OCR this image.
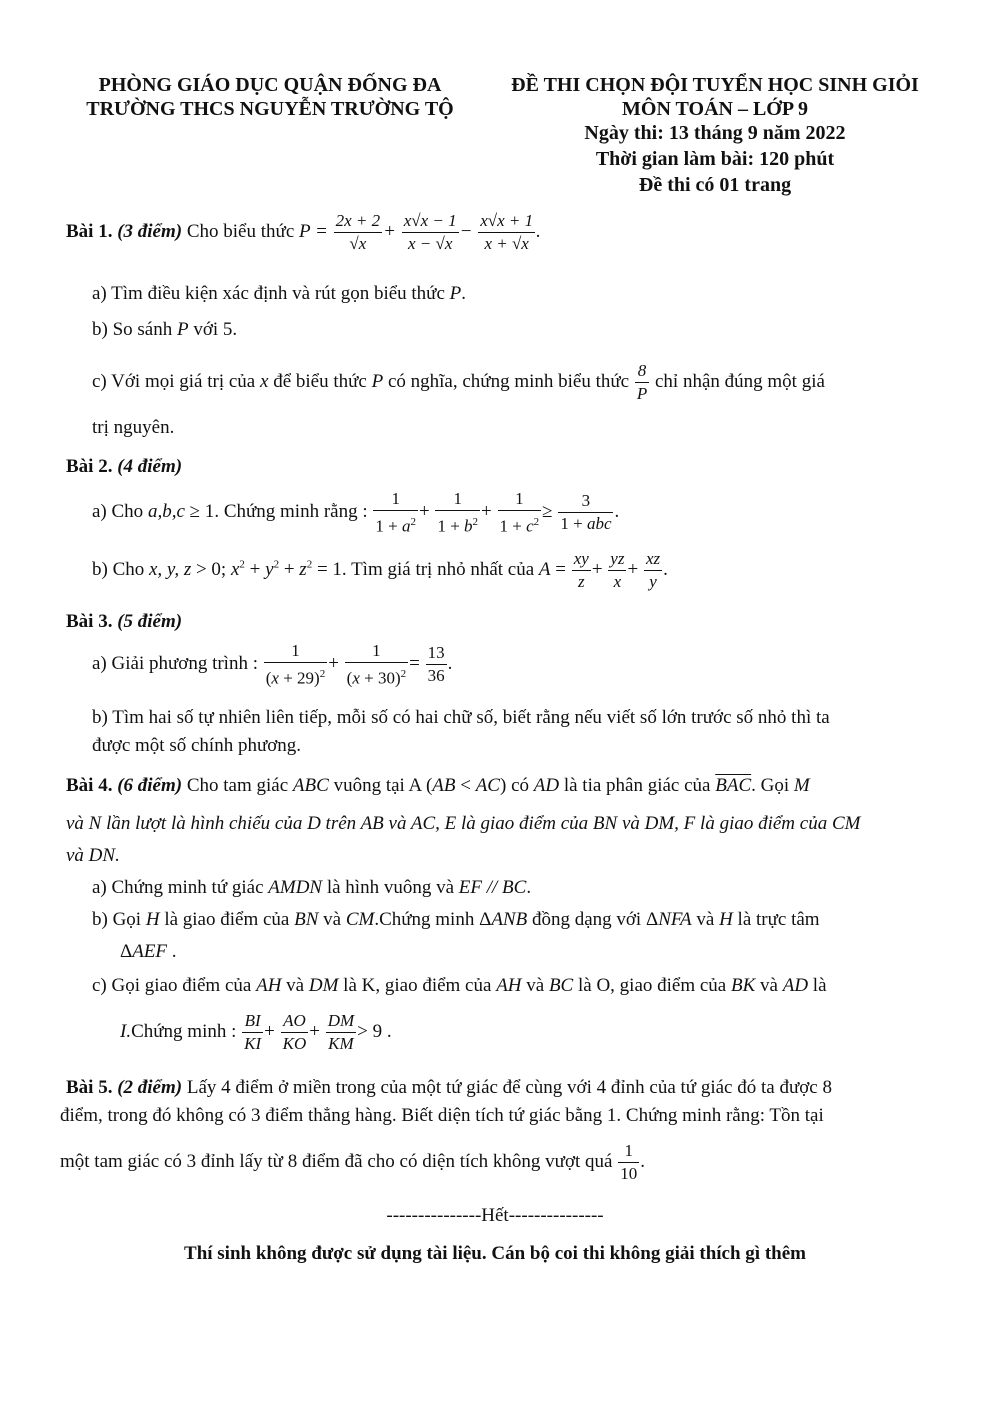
PHÒNG GIÁO DỤC QUẬN ĐỐNG ĐA
TRƯỜNG THCS NGUYỄN TRƯỜNG TỘ
ĐỀ THI CHỌN ĐỘI TUYỂN HỌC SINH GIỎI
MÔN TOÁN – LỚP 9
Ngày thi: 13 tháng 9 năm 2022
Thời gian làm bài: 120 phút
Đề thi có 01 trang
Bài 1. (3 điểm) Cho biểu thức $P = \frac{2x + 2}{√x} + \frac{x√x - 1}{x - √x} - \frac{x√x + 1}{x + √x}$ .
a) Tìm điều kiện xác định và rút gọn biểu thức P.
b) So sánh P với 5.
c) Với mọi giá trị của x để biểu thức P có nghĩa, chứng minh biểu thức $\frac{8}{P}$ chỉ nhận đúng một giá
trị nguyên.
Bài 2. (4 điểm)
a) Cho a,b,c ≥ 1. Chứng minh rằng : $\frac{1}{1 + a^2} + \frac{1}{1 + b^2} + \frac{1}{1 + c^2} \ge \frac{3}{\text{1 + abc}}$ .
b) Cho x, y, z > 0; $x^2 + y^2 + z^2 = 1$. Tìm giá trị nhỏ nhất của $A = \frac{xy}{z} + \frac{yz}{x} + \frac{xz}{y}$ .
Bài 3. (5 điểm)
a) Giải phương trình : $\frac{1}{(x + 29)^2} + \frac{1}{(x + 30)^2} = \frac{13}{36}$ .
b) Tìm hai số tự nhiên liên tiếp, mỗi số có hai chữ số, biết rằng nếu viết số lớn trước số nhỏ thì ta
được một số chính phương.
Bài 4. (6 điểm) Cho tam giác ABC vuông tại A (AB < AC) có AD là tia phân giác của $\overline{BAC}$. Gọi M
và N lần lượt là hình chiếu của D trên AB và AC, E là giao điểm của BN và DM, F là giao điểm của CM
và DN.
a) Chứng minh tứ giác AMDN là hình vuông và EF // BC.
b) Gọi H là giao điểm của BN và CM.Chứng minh ΔANB đồng dạng với ΔNFA và H là trực tâm
ΔAEF .
c) Gọi giao điểm của AH và DM là K, giao điểm của AH và BC là O, giao điểm của BK và AD là
I.Chứng minh : $\frac{BI}{KI} + \frac{AO}{KO} + \frac{DM}{KM} > 9$ .
Bài 5. (2 điểm) Lấy 4 điểm ở miền trong của một tứ giác để cùng với 4 đỉnh của tứ giác đó ta được 8
điểm, trong đó không có 3 điểm thẳng hàng. Biết diện tích tứ giác bằng 1. Chứng minh rằng: Tồn tại
một tam giác có 3 đỉnh lấy từ 8 điểm đã cho có diện tích không vượt quá $\frac{1}{10}$ .
---------------Hết---------------
Thí sinh không được sử dụng tài liệu. Cán bộ coi thi không giải thích gì thêm
